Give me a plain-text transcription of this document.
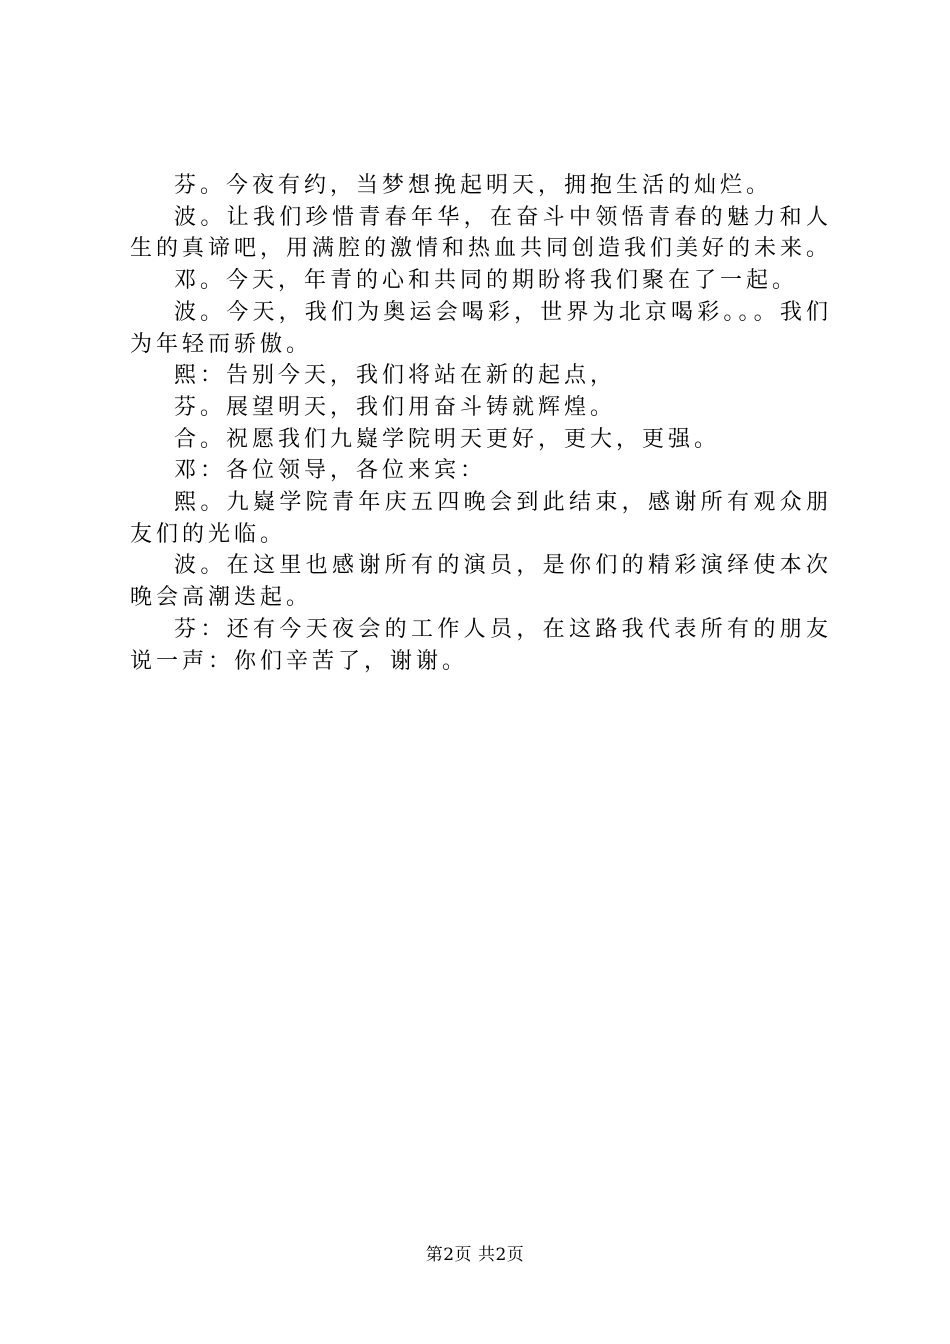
芬。今夜有约，当梦想挽起明天，拥抱生活的灿烂。

波。让我们珍惜青春年华，在奋斗中领悟青春的魅力和人生的真谛吧，用满腔的激情和热血共同创造我们美好的未来。

邓。今天，年青的心和共同的期盼将我们聚在了一起。

波。今天，我们为奥运会喝彩，世界为北京喝彩。。。我们为年轻而骄傲。

熙：告别今天，我们将站在新的起点，

芬。展望明天，我们用奋斗铸就辉煌。

合。祝愿我们九嶷学院明天更好，更大，更强。

邓：各位领导，各位来宾：

熙。九嶷学院青年庆五四晚会到此结束，感谢所有观众朋友们的光临。

波。在这里也感谢所有的演员，是你们的精彩演绎使本次晚会高潮迭起。

芬：还有今天夜会的工作人员，在这路我代表所有的朋友说一声：你们辛苦了，谢谢。

第2页 共2页
